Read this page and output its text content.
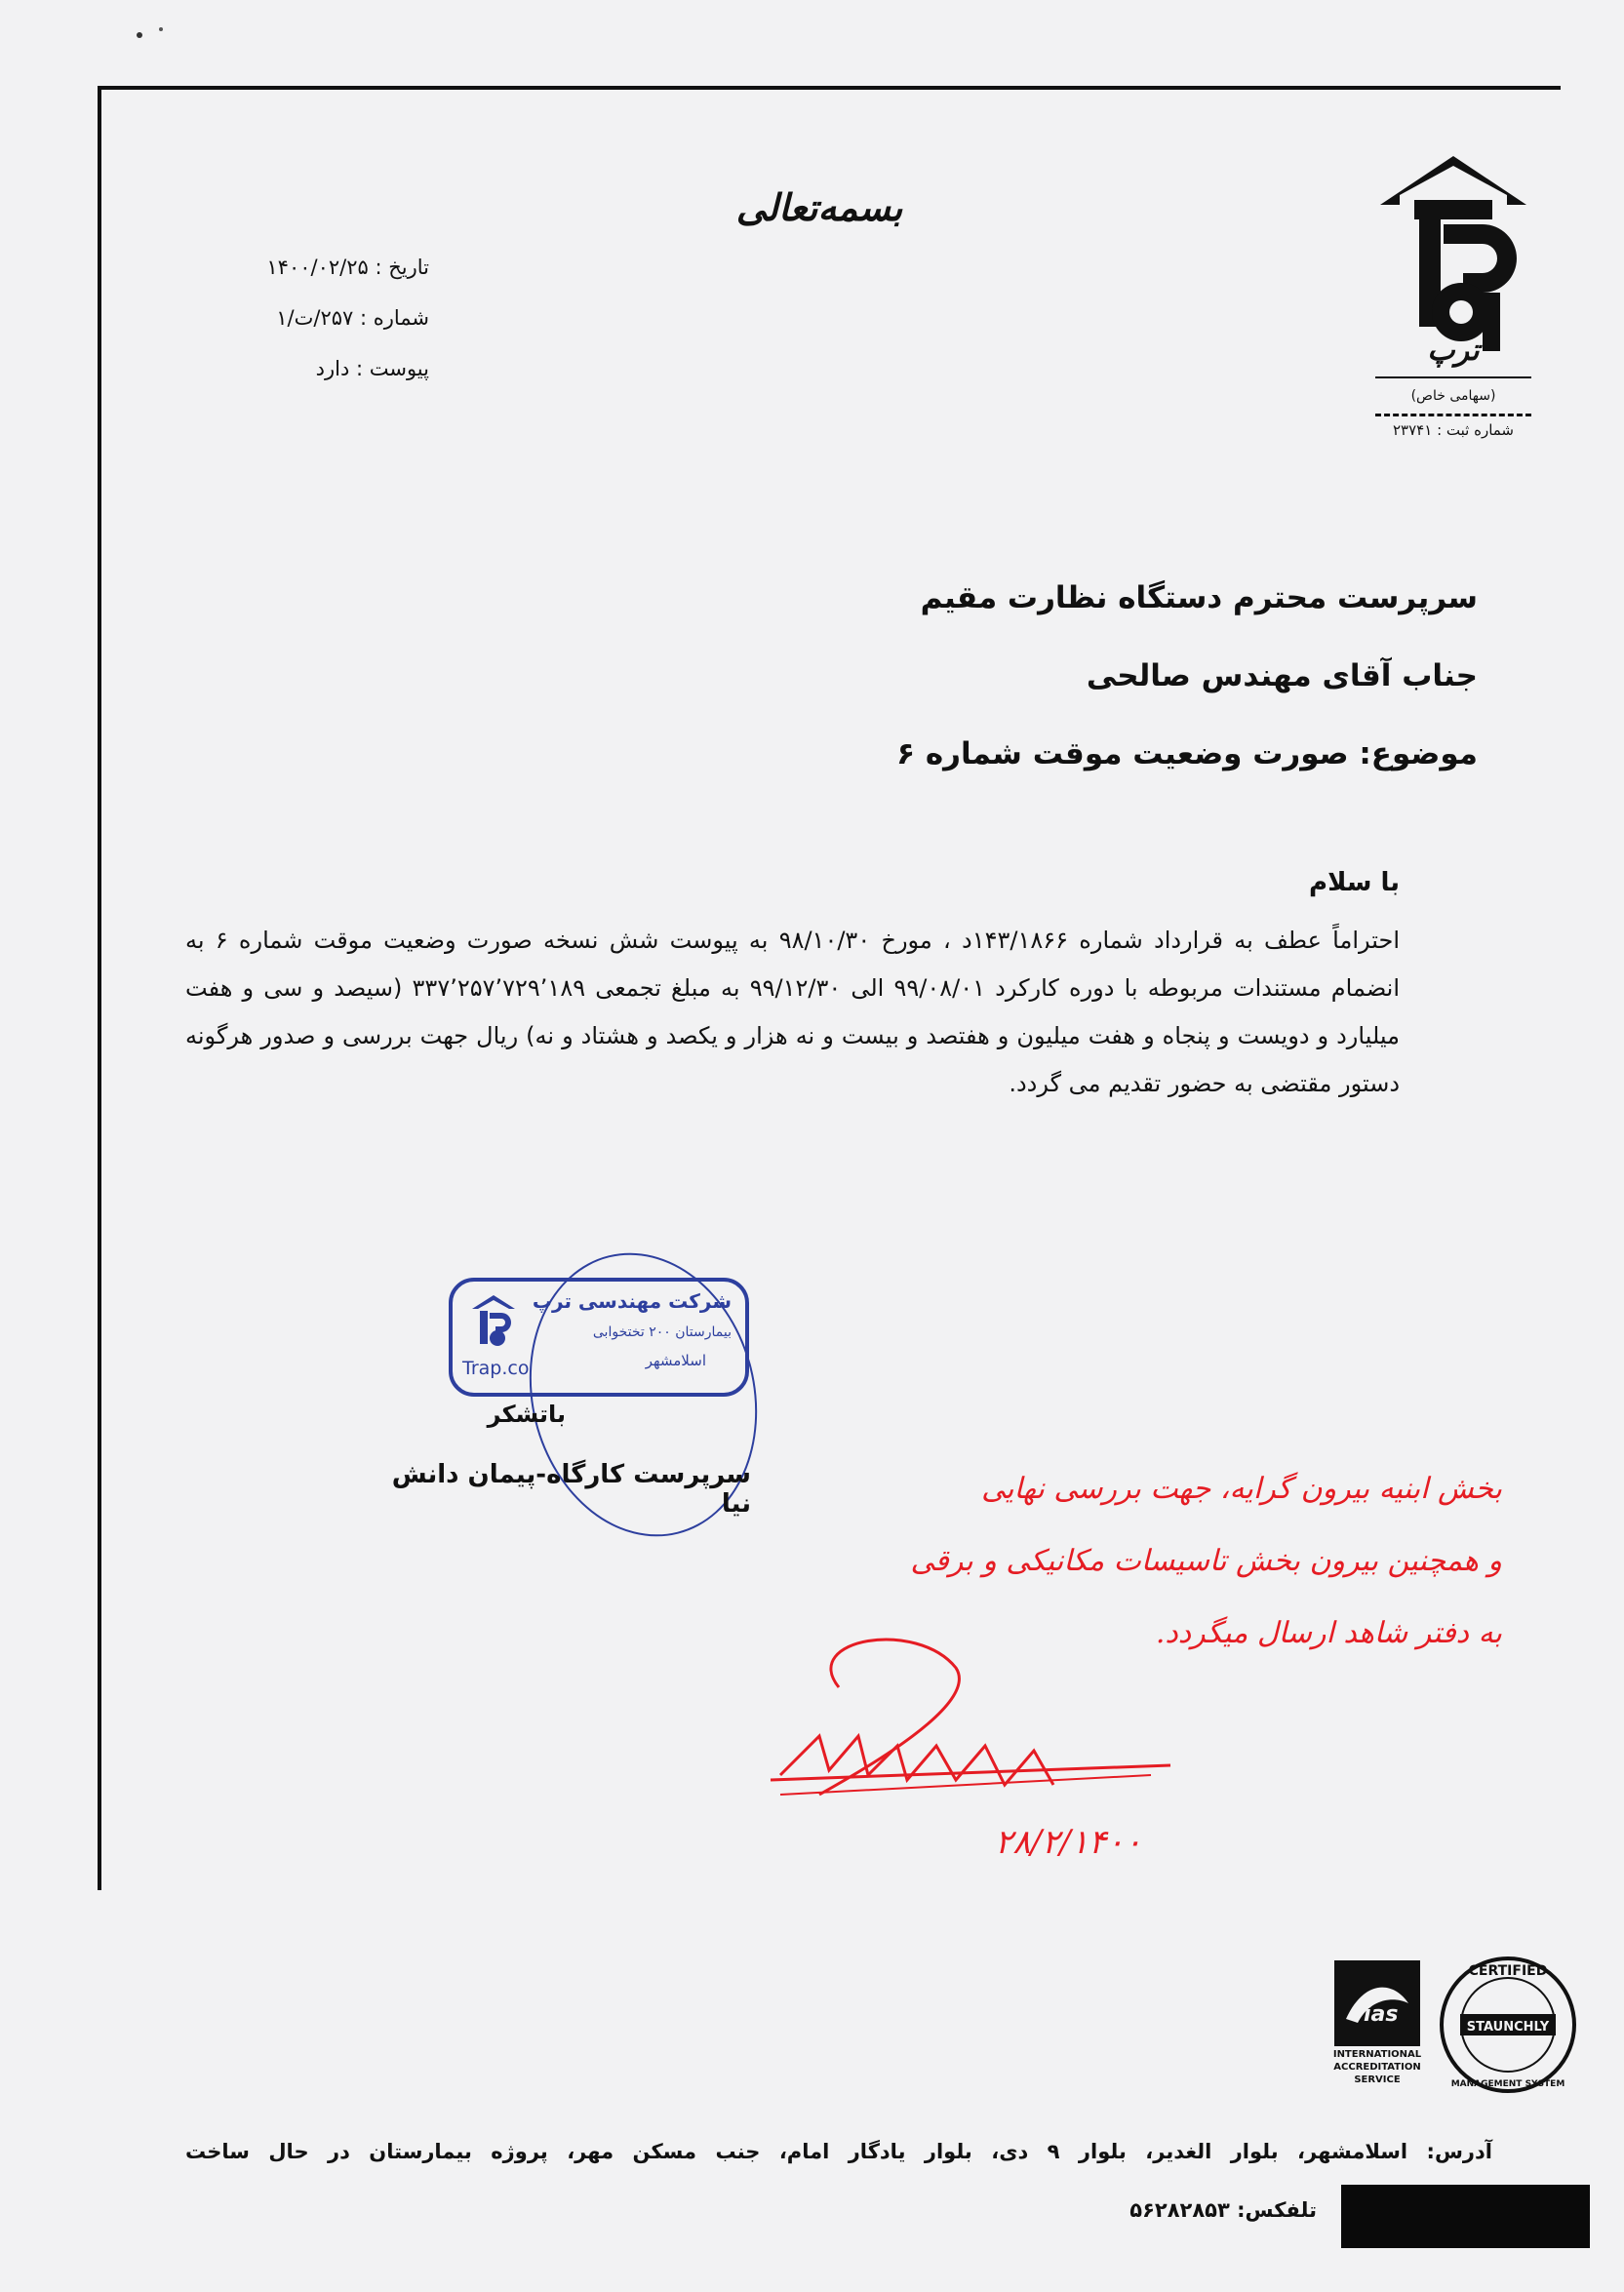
بسمه‌تعالی
تاریخ : ۱۴۰۰/۰۲/۲۵
شماره : ۲۵۷/ت/۱
پیوست : دارد
ترپ
(سهامی خاص)
شماره ثبت : ۲۳۷۴۱
سرپرست محترم دستگاه نظارت مقیم
جناب آقای مهندس صالحی
موضوع: صورت وضعیت موقت شماره ۶
با سلام
احتراماً عطف به قرارداد شماره ۱۴۳/۱۸۶۶د ، مورخ ۹۸/۱۰/۳۰ به پیوست شش نسخه صورت وضعیت موقت شماره ۶ به انضمام مستندات مربوطه با دوره کارکرد ۹۹/۰۸/۰۱ الی ۹۹/۱۲/۳۰ به مبلغ تجمعی ۳۳۷٬۲۵۷٬۷۲۹٬۱۸۹ (سیصد و سی و هفت میلیارد و دویست و پنجاه و هفت میلیون و هفتصد و بیست و نه هزار و یکصد و هشتاد و نه) ریال جهت بررسی و صدور هرگونه دستور مقتضی به حضور تقدیم می گردد.
شرکت مهندسی ترپ
بیمارستان ۲۰۰ تختخوابی
اسلامشهر
Trap.co
باتشکر
سرپرست کارگاه-پیمان دانش نیا	بخش ابنیه بیرون گرایه، جهت بررسی نهایی
و همچنین بیرون بخش تاسیسات مکانیکی و برقی
به دفتر شاهد ارسال میگردد.
۲۸/۲/۱۴۰۰
ias
INTERNATIONAL ACCREDITATION SERVICE
STAUNCHLY
CERTIFIED
MANAGEMENT SYSTEM
آدرس: اسلامشهر، بلوار الغدیر، بلوار ۹ دی، بلوار یادگار امام، جنب مسکن مهر، پروژه بیمارستان در حال ساخت
تلفکس: ۵۶۲۸۲۸۵۳
